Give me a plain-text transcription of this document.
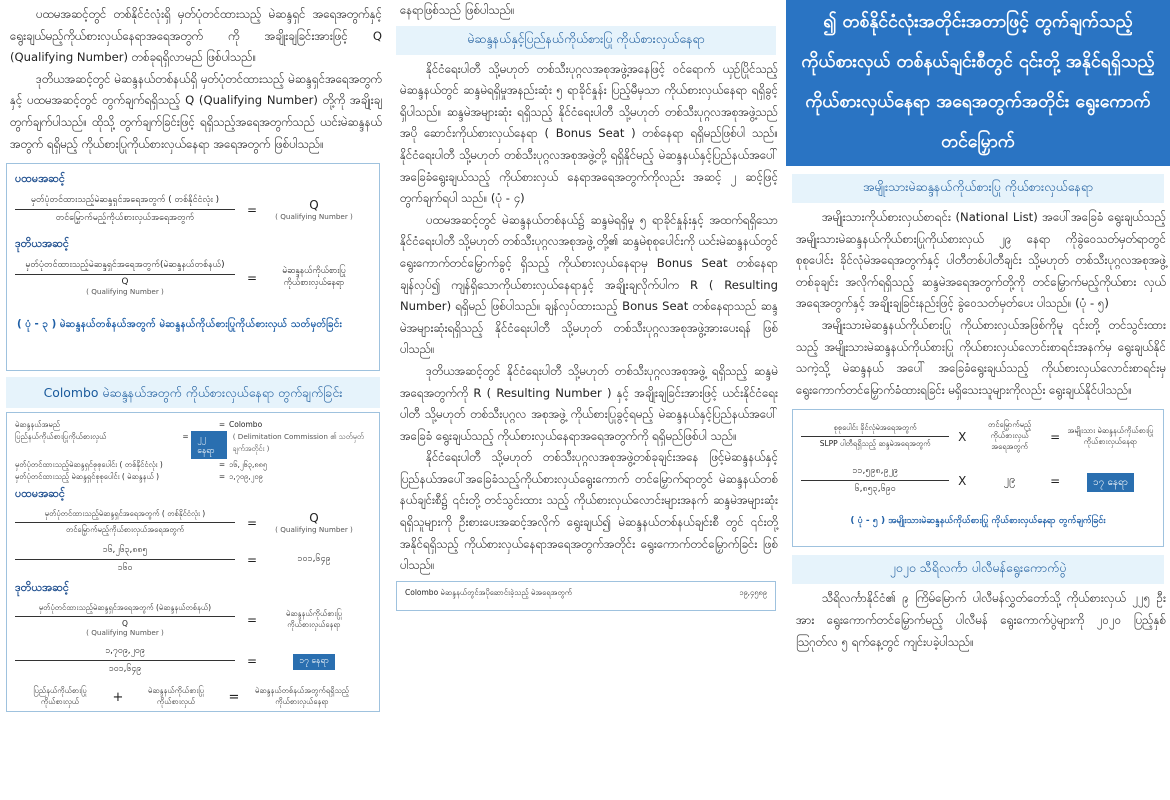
ပထမအဆင့်တွင် တစ်နိုင်ငံလုံးရှိ မှတ်ပုံတင်ထားသည့် မဲဆန္ဒရှင် အရေအတွက်နှင့် ရွေးချယ်မည့်ကိုယ်စားလှယ်နေရာအရေအတွက် ကို အချိုးချခြင်းအားဖြင့် Q (Qualifying Number) တစ်ခုရရှိလာမည် ဖြစ်ပါသည်။

ဒုတိယအဆင့်တွင် မဲဆန္ဒနယ်တစ်နယ်ရှိ မှတ်ပုံတင်ထားသည့် မဲဆန္ဒရှင်အရေအတွက်နှင့် ပထမအဆင့်တွင် တွက်ချက်ရရှိသည့် Q (Qualifying Number) တို့ကို အချိုးချ တွက်ချက်ပါသည်။ ထိုသို့ တွက်ချက်ခြင်းဖြင့် ရရှိသည့်အရေအတွက်သည် ယင်းမဲဆန္ဒနယ် အတွက် ရရှိမည့် ကိုယ်စားပြုကိုယ်စားလှယ်နေရာ အရေအတွက် ဖြစ်ပါသည်။

ပထမအဆင့်
$\frac{\text{မှတ်ပုံတင်ထားသည့်မဲဆန္ဒရှင်အရေအတွက် ( တစ်နိုင်ငံလုံး )}}{\text{တင်မြှောက်မည့်ကိုယ်စားလှယ်အရေအတွက်}}$ =	Q
( Qualifying Number )
ဒုတိယအဆင့်
မှတ်ပုံတင်ထားသည့်မဲဆန္ဒရှင်အရေအတွက်(မဲဆန္ဒနယ်တစ်နယ်)
Q
( Qualifying Number ) =	မဲဆန္ဒနယ်ကိုယ်စားပြု ကိုယ်စားလှယ်နေရာ
( ပုံ - ၃ ) မဲဆန္ဒနယ်တစ်နယ်အတွက် မဲဆန္ဒနယ်ကိုယ်စားပြုကိုယ်စားလှယ် သတ်မှတ်ခြင်း
Colombo မဲဆန္ဒနယ်အတွက် ကိုယ်စားလှယ်နေရာ တွက်ချက်ခြင်း
မဲဆန္ဒနယ်အမည်	= Colombo
ပြည်နယ်ကိုယ်စားပြုကိုယ်စားလှယ်	=	၂၂ နေရာ
( Delimitation Commission ၏ သတ်မှတ်ချက်အတိုင်း )
မှတ်ပုံတင်ထားသည့်မဲဆန္ဒရှင်စုစုပေါင်း ( တစ်နိုင်ငံလုံး )	= ၁၆,၂၆၃,၈၈၅
မှတ်ပုံတင်ထားသည့် မဲဆန္ဒရှင်စုစုပေါင်း ( မဲဆန္ဒနယ် )	= ၁,၇၀၉,၂၀၉
ပထမအဆင့်
$\frac{\text{မှတ်ပုံတင်ထားသည့်မဲဆန္ဒရှင်အရေအတွက် ( တစ်နိုင်ငံလုံး )}}{\text{တင်မြှောက်မည့်ကိုယ်စားလှယ်အရေအတွက်}}$ =	Q
( Qualifying Number )
$\frac{၁၆,၂၆၃,၈၈၅}{၁၆၀}$ =	၁၀၁,၆၄၉
ဒုတိယအဆင့်
မှတ်ပုံတင်ထားသည့်မဲဆန္ဒရှင်အရေအတွက် (မဲဆန္ဒနယ်တစ်နယ်)
Q
( Qualifying Number ) =	မဲဆန္ဒနယ်ကိုယ်စားပြု ကိုယ်စားလှယ်နေရာ
$\frac{၁,၇၀၉,၂၀၉}{၁၀၁,၆၄၉}$ =	၁၇ နေရာ
ပြည်နယ်ကိုယ်စားပြု ကိုယ်စားလှယ်	+	မဲဆန္ဒနယ်ကိုယ်စားပြု ကိုယ်စားလှယ်	=	မဲဆန္ဒနယ်တစ်နယ်အတွက်ရရှိသည့် ကိုယ်စားလှယ်နေရာ

နေရာဖြစ်သည် ဖြစ်ပါသည်။

မဲဆန္ဒနယ်နှင့်ပြည်နယ်ကိုယ်စားပြု ကိုယ်စားလှယ်နေရာ

နိုင်ငံရေးပါတီ သို့မဟုတ် တစ်သီးပုဂ္ဂလအစုအဖွဲ့အနေဖြင့် ဝင်ရောက် ယှဉ်ပြိုင်သည့် မဲဆန္ဒနယ်တွင် ဆန္ဒမဲရရှိမှုအနည်းဆုံး ၅ ရာခိုင်နှုန်း ပြည့်မီမှသာ ကိုယ်စားလှယ်နေရာ ရရှိခွင့်ရှိပါသည်။ ဆန္ဒမဲအများဆုံး ရရှိသည့် နိုင်ငံရေးပါတီ သို့မဟုတ် တစ်သီးပုဂ္ဂလအစုအဖွဲ့သည် အပို ဆောင်းကိုယ်စားလှယ်နေရာ ( Bonus Seat ) တစ်နေရာ ရရှိမည်ဖြစ်ပါ သည်။ နိုင်ငံရေးပါတီ သို့မဟုတ် တစ်သီးပုဂ္ဂလအစုအဖွဲ့တို့ ရရှိနိုင်မည့် မဲဆန္ဒနယ်နှင့်ပြည်နယ်အပေါ် အခြေခံရွေးချယ်သည့် ကိုယ်စားလှယ် နေရာအရေအတွက်ကိုလည်း အဆင့် ၂ ဆင့်ဖြင့် တွက်ချက်ရပါ သည်။ (ပုံ - ၄)

ပထမအဆင့်တွင် မဲဆန္ဒနယ်တစ်နယ်၌ ဆန္ဒမဲရရှိမှု ၅ ရာခိုင်နှုန်းနှင့် အထက်ရရှိသော နိုင်ငံရေးပါတီ သို့မဟုတ် တစ်သီးပုဂ္ဂလအစုအဖွဲ့ တို့၏ ဆန္ဒမဲစုစုပေါင်းကို ယင်းမဲဆန္ဒနယ်တွင် ရွေးကောက်တင်မြှောက်ခွင့် ရှိသည့် ကိုယ်စားလှယ်နေရာမှ Bonus Seat တစ်နေရာချန်လှပ်၍ ကျန်ရှိသောကိုယ်စားလှယ်နေရာနှင့် အချိုးချလိုက်ပါက R ( Resulting Number) ရရှိမည် ဖြစ်ပါသည်။ ချန်လှပ်ထားသည့် Bonus Seat တစ်နေရာသည် ဆန္ဒမဲအများဆုံးရရှိသည့် နိုင်ငံရေးပါတီ သို့မဟုတ် တစ်သီးပုဂ္ဂလအစုအဖွဲ့အားပေးရန် ဖြစ်ပါသည်။

ဒုတိယအဆင့်တွင် နိုင်ငံရေးပါတီ သို့မဟုတ် တစ်သီးပုဂ္ဂလအစုအဖွဲ့ ရရှိသည့် ဆန္ဒမဲအရေအတွက်ကို R ( Resulting Number ) နှင့် အချိုးချခြင်းအားဖြင့် ယင်းနိုင်ငံရေးပါတီ သို့မဟုတ် တစ်သီးပုဂ္ဂလ အစုအဖွဲ့ ကိုယ်စားပြုခွင့်ရမည့် မဲဆန္ဒနယ်နှင့်ပြည်နယ်အပေါ် အခြေခံ ရွေးချယ်သည့် ကိုယ်စားလှယ်နေရာအရေအတွက်ကို ရရှိမည်ဖြစ်ပါ သည်။

နိုင်ငံရေးပါတီ သို့မဟုတ် တစ်သီးပုဂ္ဂလအစုအဖွဲ့တစ်ခုချင်းအနေ ဖြင့်မဲဆန္ဒနယ်နှင့် ပြည်နယ်အပေါ်အခြေခံသည့်ကိုယ်စားလှယ်ရွေးကောက် တင်မြှောက်ရာတွင် မဲဆန္ဒနယ်တစ်နယ်ချင်းစီ၌ ၎င်းတို့ တင်သွင်းထား သည့် ကိုယ်စားလှယ်လောင်းများအနက် ဆန္ဒမဲအများဆုံးရရှိသူများကို ဦးစားပေးအဆင့်အလိုက် ရွေးချယ်၍ မဲဆန္ဒနယ်တစ်နယ်ချင်းစီ တွင် ၎င်းတို့အနိုင်ရရှိသည့် ကိုယ်စားလှယ်နေရာအရေအတွက်အတိုင်း ရွေးကောက်တင်မြှောက်ခြင်း ဖြစ်ပါသည်။

Colombo မဲဆန္ဒနယ်တွင်အပိုဆောင်းခဲ့သည့် မဲအရေအတွက်	၁၉,၄၅၈၉
၍ တစ်နိုင်ငံလုံးအတိုင်းအတာဖြင့် တွက်ချက်သည့် ကိုယ်စားလှယ် တစ်နယ်ချင်းစီတွင် ၎င်းတို့ အနိုင်ရရှိသည့် ကိုယ်စားလှယ်နေရာ အရေအတွက်အတိုင်း ရွေးကောက်တင်မြှောက်
အမျိုးသားမဲဆန္ဒနယ်ကိုယ်စားပြု ကိုယ်စားလှယ်နေရာ

အမျိုးသားကိုယ်စားလှယ်စာရင်း (National List) အပေါ်အခြေခံ ရွေးချယ်သည့် အမျိုးသားမဲဆန္ဒနယ်ကိုယ်စားပြုကိုယ်စားလှယ် ၂၉ နေရာ ကိုခွဲဝေသတ်မှတ်ရာတွင် စုစုပေါင်း ခိုင်လုံမဲအရေအတွက်နှင့် ပါတီတစ်ပါတီချင်း သို့မဟုတ် တစ်သီးပုဂ္ဂလအစုအဖွဲ့ တစ်ခုချင်း အလိုက်ရရှိသည့် ဆန္ဒမဲအရေအတွက်တို့ကို တင်မြှောက်မည့်ကိုယ်စား လှယ် အရေအတွက်နှင့် အချိုးချခြင်းနည်းဖြင့် ခွဲဝေသတ်မှတ်ပေး ပါသည်။ (ပုံ - ၅)

အမျိုးသားမဲဆန္ဒနယ်ကိုယ်စားပြု ကိုယ်စားလှယ်အဖြစ်ကိုမူ ၎င်းတို့ တင်သွင်းထားသည့် အမျိုးသားမဲဆန္ဒနယ်ကိုယ်စားပြု ကိုယ်စားလှယ်လောင်းစာရင်းအနက်မှ ရွေးချယ်နိုင်သကဲ့သို့ မဲဆန္ဒနယ် အပေါ် အခြေခံရွေးချယ်သည့် ကိုယ်စားလှယ်လောင်းစာရင်းမှ ရွေးကောက်တင်မြှောက်ခံထားရခြင်း မရှိသေးသူများကိုလည်း ရွေးချယ်နိုင်ပါသည်။

$\frac{\text{စုစုပေါင်း ခိုင်လုံမဲအရေအတွက်}}{\text{SLPP ပါတီရရှိသည့် ဆန္ဒမဲအရေအတွက်}}$ X
တင်မြှောက်မည့် ကိုယ်စားလှယ် အရေအတွက်
= အမျိုးသား မဲဆန္ဒနယ်ကိုယ်စားပြု ကိုယ်စားလှယ်နေရာ
$\frac{၁၁,၅၉၈,၉၂၉}{၆,၈၅၃,၆၉၀}$ X	၂၉	=	၁၇ နေရာ
( ပုံ - ၅ ) အမျိုးသားမဲဆန္ဒနယ်ကိုယ်စားပြု ကိုယ်စားလှယ်နေရာ တွက်ချက်ခြင်း
၂၀၂၀ သီရိလင်္ကာ ပါလီမန်ရွေးကောက်ပွဲ

သီရိလင်္ကာနိုင်ငံ၏ ၉ ကြိမ်မြောက် ပါလီမန်လွှတ်တော်သို့ ကိုယ်စားလှယ် ၂၂၅ ဦးအား ရွေးကောက်တင်မြှောက်မည့် ပါလီမန် ရွေးကောက်ပွဲများကို ၂၀၂၀ ပြည့်နှစ် ဩဂုတ်လ ၅ ရက်နေ့တွင် ကျင်းပခဲ့ပါသည်။
